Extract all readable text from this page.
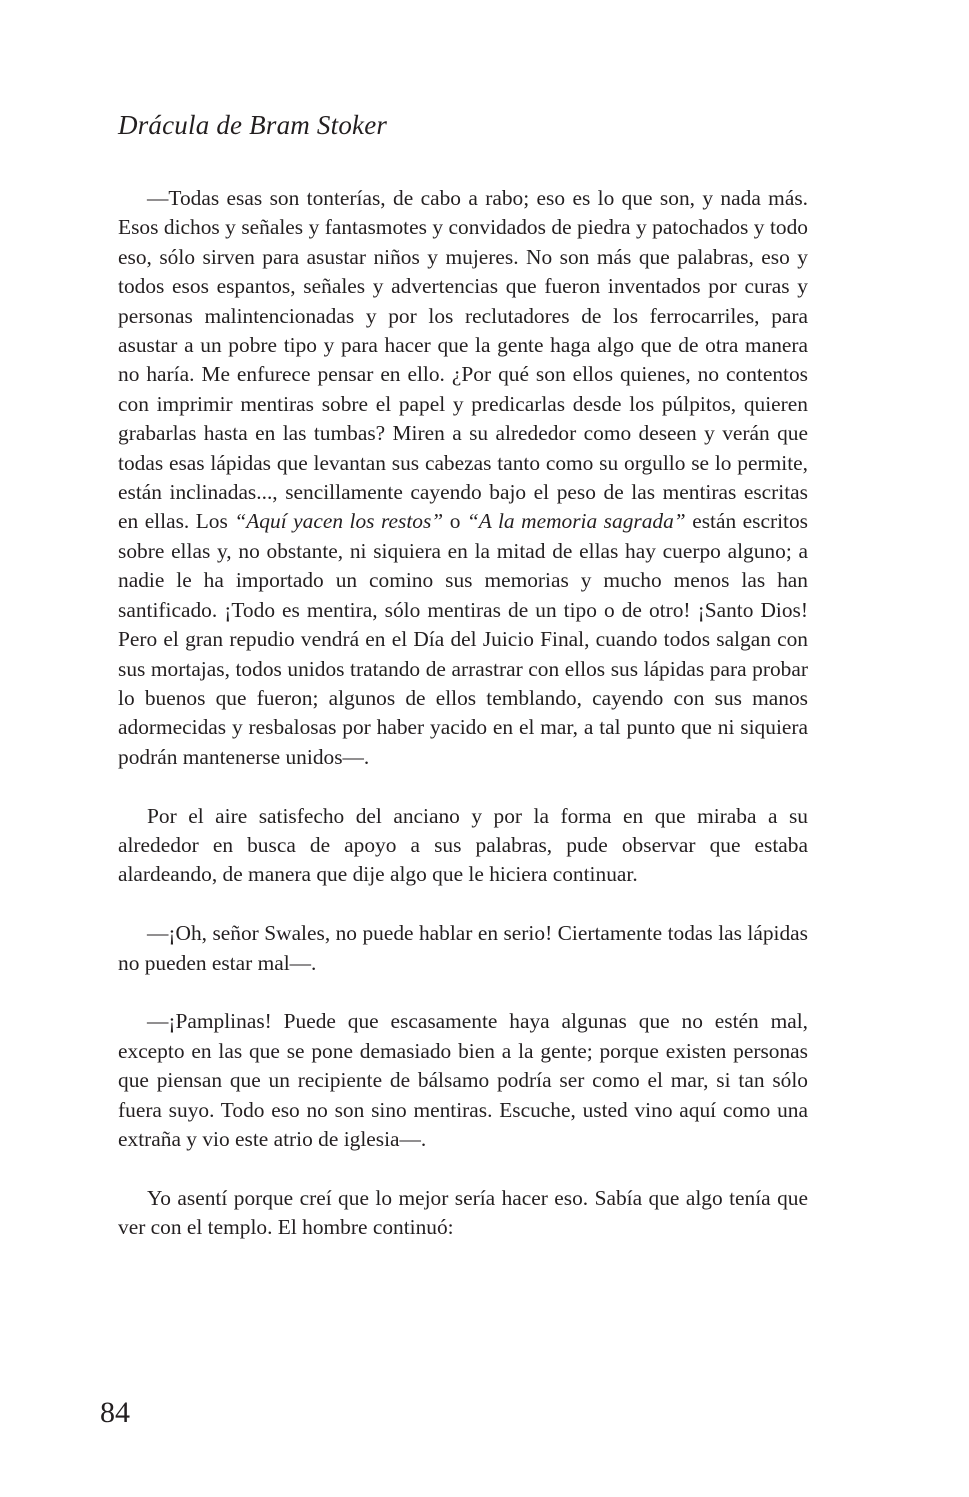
Drácula de Bram Stoker

—Todas esas son tonterías, de cabo a rabo; eso es lo que son, y nada más. Esos dichos y señales y fantasmotes y convidados de piedra y patochados y todo eso, sólo sirven para asustar niños y mujeres. No son más que palabras, eso y todos esos espantos, señales y advertencias que fueron inventados por curas y personas malintencionadas y por los reclutadores de los ferrocarriles, para asustar a un pobre tipo y para hacer que la gente haga algo que de otra manera no haría. Me enfurece pensar en ello. ¿Por qué son ellos quienes, no contentos con imprimir mentiras sobre el papel y predicarlas desde los púlpitos, quieren grabarlas hasta en las tumbas? Miren a su alrededor como deseen y verán que todas esas lápidas que levantan sus cabezas tanto como su orgullo se lo permite, están inclinadas..., sencillamente cayendo bajo el peso de las mentiras escritas en ellas. Los “Aquí yacen los restos” o “A la memoria sagrada” están escritos sobre ellas y, no obstante, ni siquiera en la mitad de ellas hay cuerpo alguno; a nadie le ha importado un comino sus memorias y mucho menos las han santificado. ¡Todo es mentira, sólo mentiras de un tipo o de otro! ¡Santo Dios! Pero el gran repudio vendrá en el Día del Juicio Final, cuando todos salgan con sus mortajas, todos unidos tratando de arrastrar con ellos sus lápidas para probar lo buenos que fueron; algunos de ellos temblando, cayendo con sus manos adormecidas y resbalosas por haber yacido en el mar, a tal punto que ni siquiera podrán mantenerse unidos—.

Por el aire satisfecho del anciano y por la forma en que miraba a su alrededor en busca de apoyo a sus palabras, pude observar que estaba alardeando, de manera que dije algo que le hiciera continuar.

—¡Oh, señor Swales, no puede hablar en serio! Ciertamente todas las lápidas no pueden estar mal—.

—¡Pamplinas! Puede que escasamente haya algunas que no estén mal, excepto en las que se pone demasiado bien a la gente; porque existen personas que piensan que un recipiente de bálsamo podría ser como el mar, si tan sólo fuera suyo. Todo eso no son sino mentiras. Escuche, usted vino aquí como una extraña y vio este atrio de iglesia—.

Yo asentí porque creí que lo mejor sería hacer eso. Sabía que algo tenía que ver con el templo. El hombre continuó:

84
